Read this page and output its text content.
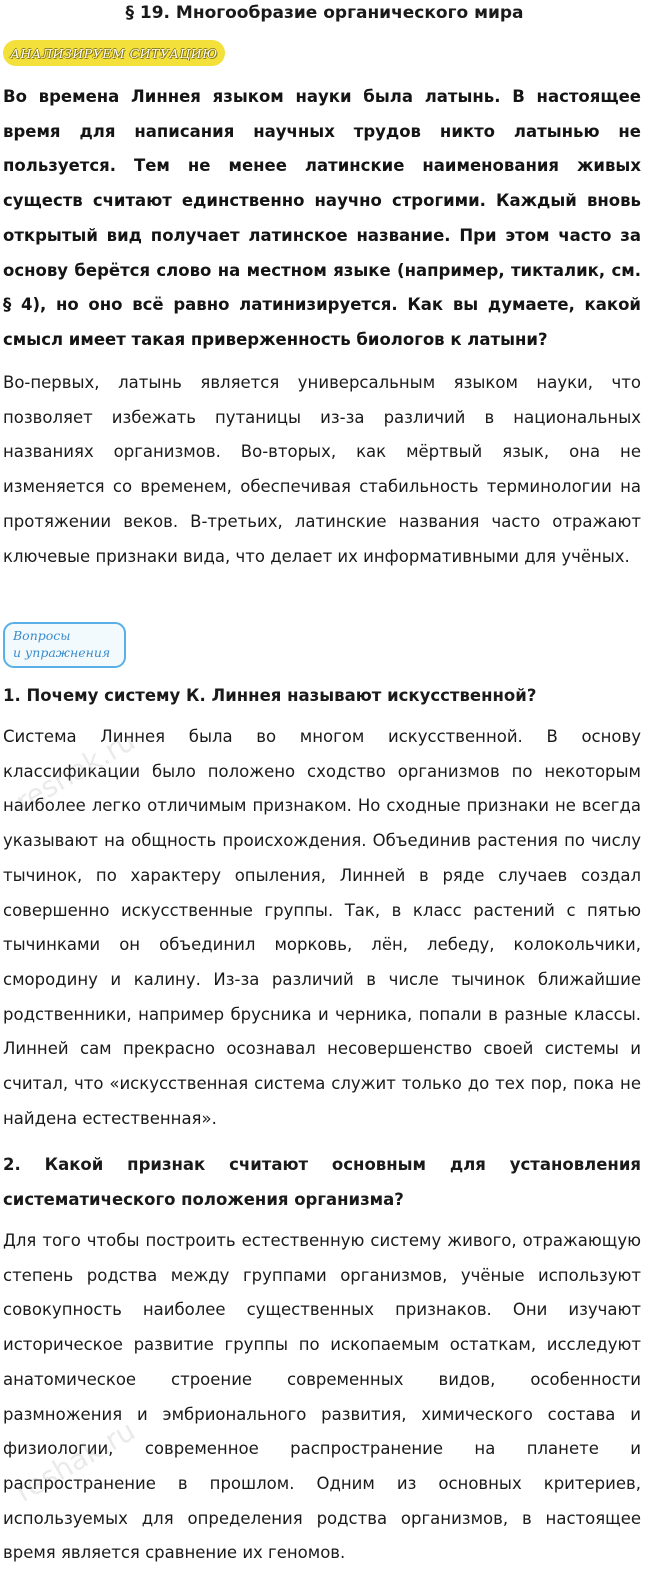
§ 19. Многообразие органического мира
АНАЛИЗИРУЕМ СИТУАЦИЮ

Во времена Линнея языком науки была латынь. В настоящее время для написания научных трудов никто латынью не пользуется. Тем не менее латинские наименования живых существ считают единственно научно строгими. Каждый вновь открытый вид получает латинское название. При этом часто за основу берётся слово на местном языке (например, тикталик, см. § 4), но оно всё равно латинизируется. Как вы думаете, какой смысл имеет такая приверженность биологов к латыни?

Во-первых, латынь является универсальным языком науки, что позволяет избежать путаницы из-за различий в национальных названиях организмов. Во-вторых, как мёртвый язык, она не изменяется со временем, обеспечивая стабильность терминологии на протяжении веков. В-третьих, латинские названия часто отражают ключевые признаки вида, что делает их информативными для учёных.

Вопросы
и упражнения

1. Почему систему К. Линнея называют искусственной?

Система Линнея была во многом искусственной. В основу классификации было положено сходство организмов по некоторым наиболее легко отличимым признаком. Но сходные признаки не всегда указывают на общность происхождения. Объединив растения по числу тычинок, по характеру опыления, Линней в ряде случаев создал совершенно искусственные группы. Так, в класс растений с пятью тычинками он объединил морковь, лён, лебеду, колокольчики, смородину и калину. Из-за различий в числе тычинок ближайшие родственники, например брусника и черника, попали в разные классы. Линней сам прекрасно осознавал несовершенство своей системы и считал, что «искусственная система служит только до тех пор, пока не найдена естественная».

2. Какой признак считают основным для установления систематического положения организма?

Для того чтобы построить естественную систему живого, отражающую степень родства между группами организмов, учёные используют совокупность наиболее существенных признаков. Они изучают историческое развитие группы по ископаемым остаткам, исследуют анатомическое строение современных видов, особенности размножения и эмбрионального развития, химического состава и физиологии, современное распространение на планете и распространение в прошлом. Одним из основных критериев, используемых для определения родства организмов, в настоящее время является сравнение их геномов.

reshak.ru
reshak.ru
